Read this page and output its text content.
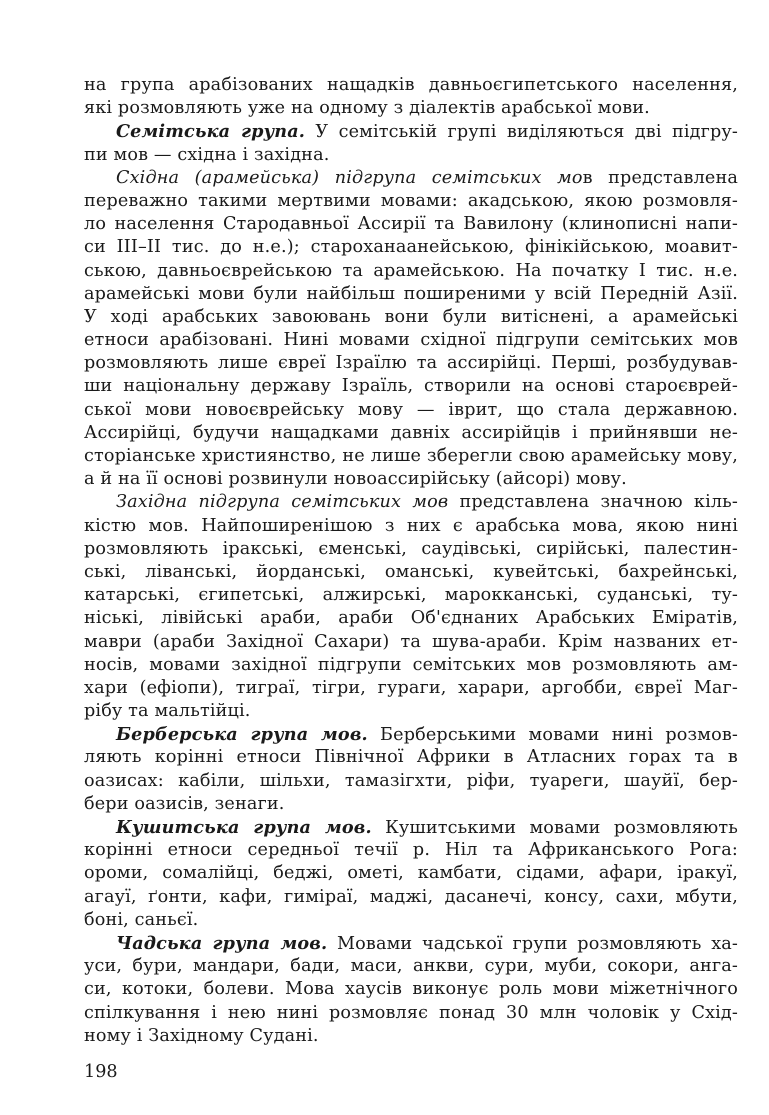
на група арабізованих нащадків давньоєгипетського населення,
які розмовляють уже на одному з діалектів арабської мови.
Семітська група. У семітській групі виділяються дві підгру-
пи мов — східна і західна.
Східна (арамейська) підгрупа семітських мов представлена
переважно такими мертвими мовами: акадською, якою розмовля-
ло населення Стародавньої Ассирії та Вавилону (клинописні напи-
си III–II тис. до н.е.); староханаанейською, фінікійською, моавит-
ською, давньоєврейською та арамейською. На початку І тис. н.е.
арамейські мови були найбільш поширеними у всій Передній Азії.
У ході арабських завоювань вони були витіснені, а арамейські
етноси арабізовані. Нині мовами східної підгрупи семітських мов
розмовляють лише євреї Ізраїлю та ассирійці. Перші, розбудував-
ши національну державу Ізраїль, створили на основі староєврей-
ської мови новоєврейську мову — іврит, що стала державною.
Ассирійці, будучи нащадками давніх ассирійців і прийнявши не-
сторіанське християнство, не лише зберегли свою арамейську мову,
а й на її основі розвинули новоассирійську (айсорі) мову.
Західна підгрупа семітських мов представлена значною кіль-
кістю мов. Найпоширенішою з них є арабська мова, якою нині
розмовляють іракські, єменські, саудівські, сирійські, палестин-
ські, ліванські, йорданські, оманські, кувейтські, бахрейнські,
катарські, єгипетські, алжирські, марокканські, суданські, ту-
ніські, лівійські араби, араби Об'єднаних Арабських Еміратів,
маври (араби Західної Сахари) та шува-араби. Крім названих ет-
носів, мовами західної підгрупи семітських мов розмовляють ам-
хари (ефіопи), тиграї, тігри, гураги, харари, аргобби, євреї Маг-
рібу та мальтійці.
Берберська група мов. Берберськими мовами нині розмов-
ляють корінні етноси Північної Африки в Атласних горах та в
оазисах: кабіли, шільхи, тамазігхти, ріфи, туареги, шауйї, бер-
бери оазисів, зенаги.
Кушитська група мов. Кушитськими мовами розмовляють
корінні етноси середньої течії р. Ніл та Африканського Рога:
ороми, сомалійці, беджі, ометі, камбати, сідами, афари, іракуї,
агауї, ґонти, кафи, гиміраї, маджі, дасанечі, консу, сахи, мбути,
боні, саньєї.
Чадська група мов. Мовами чадської групи розмовляють ха-
уси, бури, мандари, бади, маси, анкви, сури, муби, сокори, анга-
си, котоки, болеви. Мова хаусів виконує роль мови міжетнічного
спілкування і нею нині розмовляє понад 30 млн чоловік у Схід-
ному і Західному Судані.
198
